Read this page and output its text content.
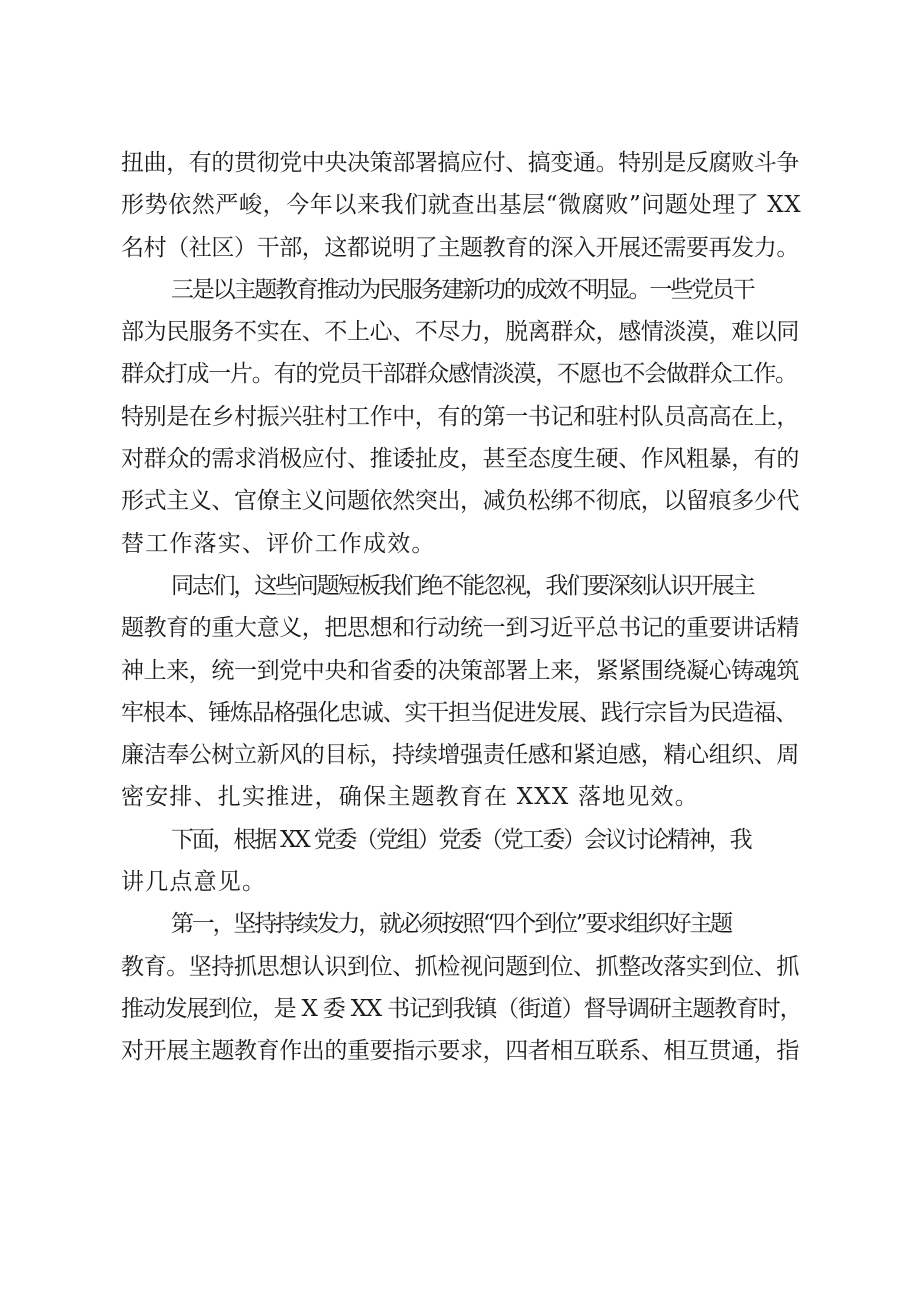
扭曲，有的贯彻党中央决策部署搞应付、搞变通。特别是反腐败斗争
形势依然严峻，今年以来我们就查出基层“微腐败”问题处理了 XX
名村（社区）干部，这都说明了主题教育的深入开展还需要再发力。

三是以主题教育推动为民服务建新功的成效不明显。一些党员干
部为民服务不实在、不上心、不尽力，脱离群众，感情淡漠，难以同
群众打成一片。有的党员干部群众感情淡漠，不愿也不会做群众工作。
特别是在乡村振兴驻村工作中，有的第一书记和驻村队员高高在上，
对群众的需求消极应付、推诿扯皮，甚至态度生硬、作风粗暴，有的
形式主义、官僚主义问题依然突出，减负松绑不彻底，以留痕多少代
替工作落实、评价工作成效。

同志们，这些问题短板我们绝不能忽视，我们要深刻认识开展主
题教育的重大意义，把思想和行动统一到习近平总书记的重要讲话精
神上来，统一到党中央和省委的决策部署上来，紧紧围绕凝心铸魂筑
牢根本、锤炼品格强化忠诚、实干担当促进发展、践行宗旨为民造福、
廉洁奉公树立新风的目标，持续增强责任感和紧迫感，精心组织、周
密安排、扎实推进，确保主题教育在 XXX 落地见效。

下面，根据 XX 党委（党组）党委（党工委）会议讨论精神，我
讲几点意见。

第一，坚持持续发力，就必须按照“四个到位”要求组织好主题
教育。坚持抓思想认识到位、抓检视问题到位、抓整改落实到位、抓
推动发展到位，是 X 委 XX 书记到我镇（街道）督导调研主题教育时，
对开展主题教育作出的重要指示要求，四者相互联系、相互贯通，指
